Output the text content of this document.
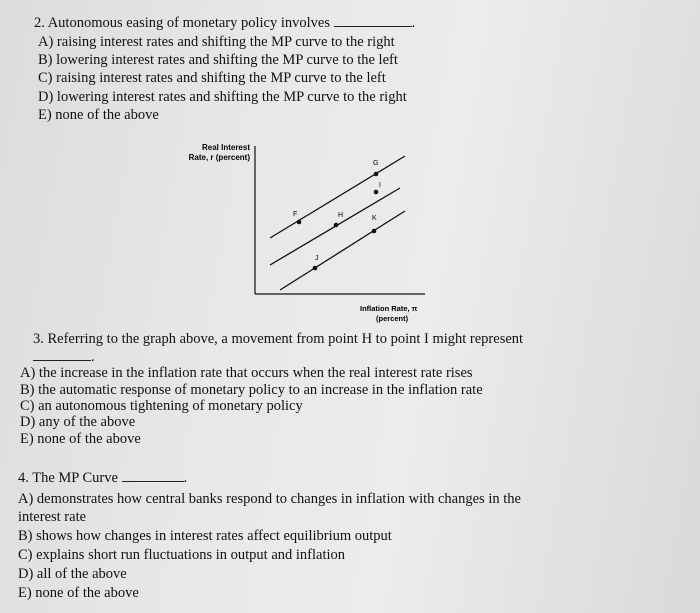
2. Autonomous easing of monetary policy involves	.
A) raising interest rates and shifting the MP curve to the right
B) lowering interest rates and shifting the MP curve to the left
C) raising interest rates and shifting the MP curve to the left
D) lowering interest rates and shifting the MP curve to the right
E) none of the above
Real Interest
Rate, r (percent)
Inflation Rate, π
(percent)
F	H	K
G
I
J
3. Referring to the graph above, a movement from point H to point I might represent
.
A) the increase in the inflation rate that occurs when the real interest rate rises
B) the automatic response of monetary policy to an increase in the inflation rate
C) an autonomous tightening of monetary policy
D) any of the above
E) none of the above
4. The MP Curve	.
A) demonstrates how central banks respond to changes in inflation with changes in the
interest rate
B) shows how changes in interest rates affect equilibrium output
C) explains short run fluctuations in output and inflation
D) all of the above
E) none of the above
